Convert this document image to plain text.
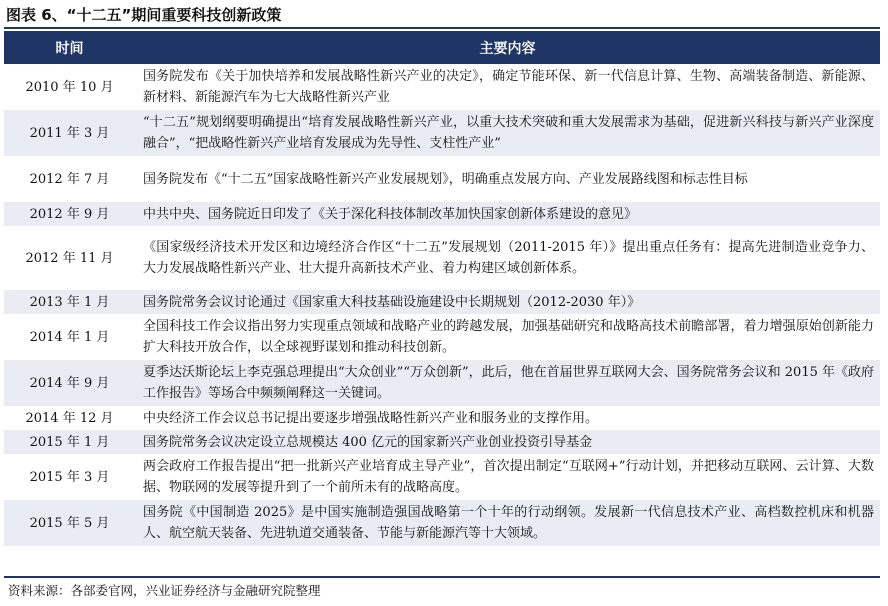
图表 6、“十二五”期间重要科技创新政策
时间	主要内容
2010 年 10 月	国务院发布《关于加快培养和发展战略性新兴产业的决定》，确定节能环保、新一代信息计算、生物、高端装备制造、新能源、新材料、新能源汽车为七大战略性新兴产业
2011 年 3 月	“十二五”规划纲要明确提出“培育发展战略性新兴产业，以重大技术突破和重大发展需求为基础，促进新兴科技与新兴产业深度融合”，“把战略性新兴产业培育发展成为先导性、支柱性产业”
2012 年 7 月	国务院发布《“十二五”国家战略性新兴产业发展规划》，明确重点发展方向、产业发展路线图和标志性目标
2012 年 9 月	中共中央、国务院近日印发了《关于深化科技体制改革加快国家创新体系建设的意见》
2012 年 11 月	《国家级经济技术开发区和边境经济合作区“十二五”发展规划（2011-2015 年）》提出重点任务有：提高先进制造业竞争力、大力发展战略性新兴产业、壮大提升高新技术产业、着力构建区域创新体系。
2013 年 1 月	国务院常务会议讨论通过《国家重大科技基础设施建设中长期规划（2012-2030 年）》
2014 年 1 月	全国科技工作会议指出努力实现重点领域和战略产业的跨越发展，加强基础研究和战略高技术前瞻部署，着力增强原始创新能力扩大科技开放合作，以全球视野谋划和推动科技创新。
2014 年 9 月	夏季达沃斯论坛上李克强总理提出“大众创业”“万众创新”，此后，他在首届世界互联网大会、国务院常务会议和 2015 年《政府工作报告》等场合中频频阐释这一关键词。
2014 年 12 月	中央经济工作会议总书记提出要逐步增强战略性新兴产业和服务业的支撑作用。
2015 年 1 月	国务院常务会议决定设立总规模达 400 亿元的国家新兴产业创业投资引导基金
2015 年 3 月	两会政府工作报告提出“把一批新兴产业培育成主导产业”，首次提出制定“互联网+”行动计划，并把移动互联网、云计算、大数据、物联网的发展等提升到了一个前所未有的战略高度。
2015 年 5 月	国务院《中国制造 2025》是中国实施制造强国战略第一个十年的行动纲领。发展新一代信息技术产业、高档数控机床和机器人、航空航天装备、先进轨道交通装备、节能与新能源汽等十大领域。
资料来源：各部委官网，兴业证券经济与金融研究院整理
